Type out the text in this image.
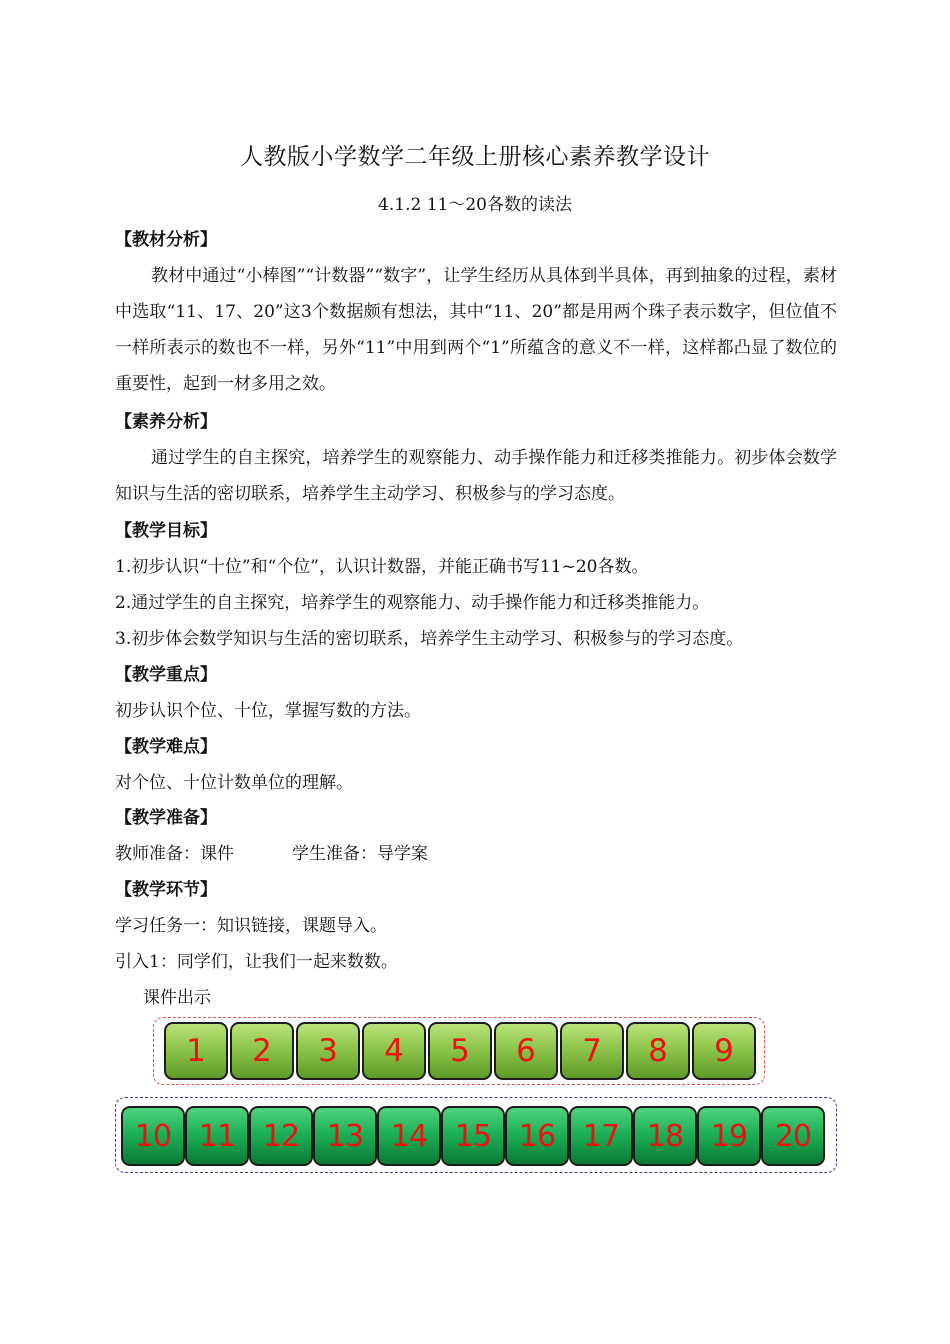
人教版小学数学二年级上册核心素养教学设计
4.1.2 11～20各数的读法
【教材分析】
教材中通过“小棒图”“计数器”“数字”，让学生经历从具体到半具体，再到抽象的过程，素材中选取“11、17、20”这3个数据颇有想法，其中“11、20”都是用两个珠子表示数字，但位值不一样所表示的数也不一样，另外“11”中用到两个“1”所蕴含的意义不一样，这样都凸显了数位的重要性，起到一材多用之效。
【素养分析】
通过学生的自主探究，培养学生的观察能力、动手操作能力和迁移类推能力。初步体会数学知识与生活的密切联系，培养学生主动学习、积极参与的学习态度。
【教学目标】
1.初步认识“十位”和“个位”，认识计数器，并能正确书写11~20各数。
2.通过学生的自主探究，培养学生的观察能力、动手操作能力和迁移类推能力。
3.初步体会数学知识与生活的密切联系，培养学生主动学习、积极参与的学习态度。
【教学重点】
初步认识个位、十位，掌握写数的方法。
【教学难点】
对个位、十位计数单位的理解。
【教学准备】
教师准备：课件	学生准备：导学案
【教学环节】
学习任务一：知识链接，课题导入。
引入1：同学们，让我们一起来数数。
课件出示
1	2	3	4	5	6	7	8	9
10 11 12 13 14 15 16 17 18 19 20
